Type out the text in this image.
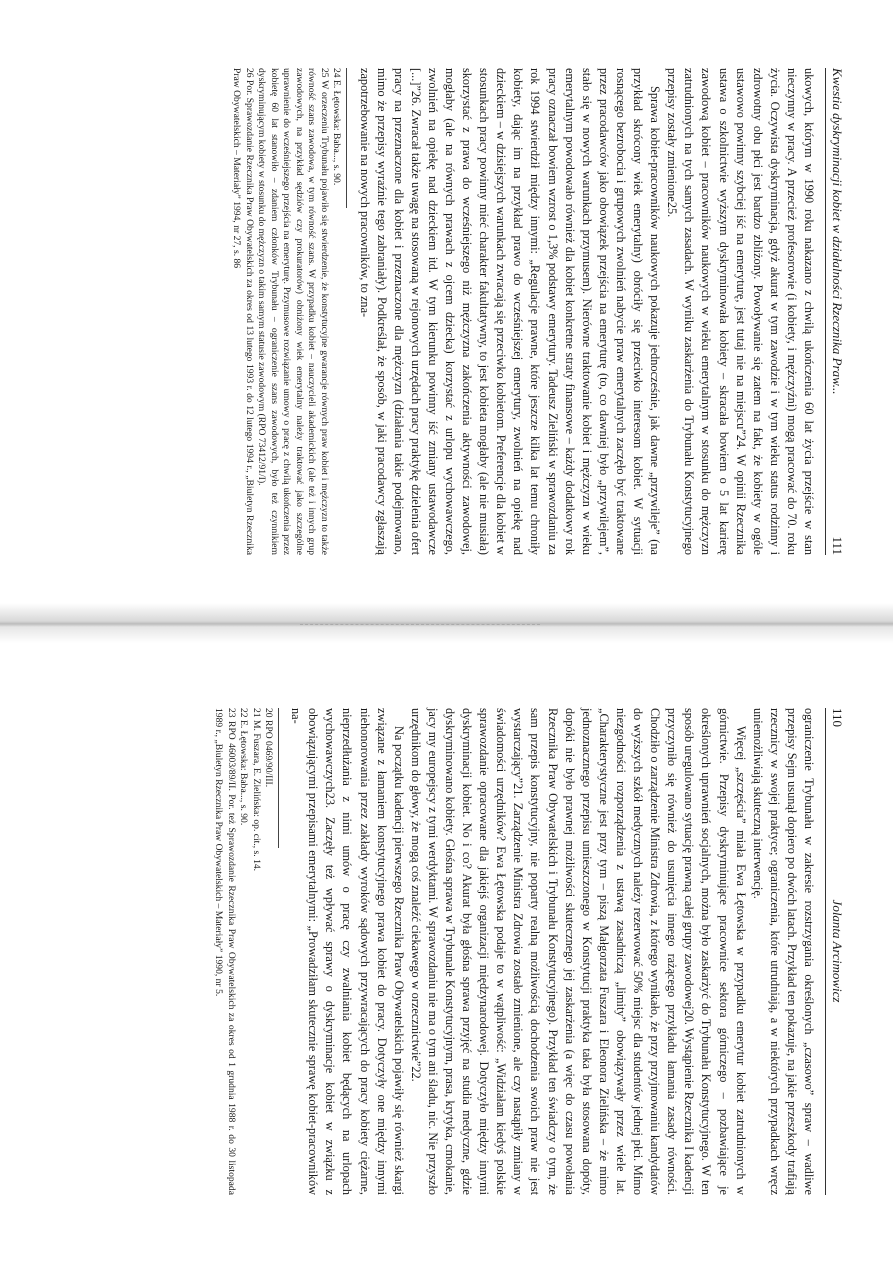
Kwestia dyskryminacji kobiet w działalności Rzecznika Praw...
111

ukowych, którym w 1990 roku nakazano z chwilą ukończenia 60 lat życia przejście w stan nieczynny w pracy. A przecież profesorowie (i kobiety, i mężczyźni) mogą pracować do 70. roku życia. Oczywista dyskryminacja, gdyż akurat w tym zawodzie i w tym wieku status rodzinny i zdrowotny obu płci jest bardzo zbliżony. Powoływanie się zatem na fakt, że kobiety w ogóle ustawowo powinny szybciej iść na emeryturę, jest tutaj nie na miejscu”24. W opinii Rzecznika ustawa o szkolnictwie wyższym dyskryminowała kobiety – skracała bowiem o 5 lat karierę zawodową kobiet – pracowników naukowych w wieku emerytalnym w stosunku do mężczyzn zatrudnionych na tych samych zasadach. W wyniku zaskarżenia do Trybunału Konstytucyjnego przepisy zostały zmienione25.

Sprawa kobiet-pracowników naukowych pokazuje jednocześnie, jak dawne „przywileje” (na przykład skrócony wiek emerytalny) obróciły się przeciwko interesom kobiet. W sytuacji rosnącego bezrobocia i grupowych zwolnień nabycie praw emerytalnych zaczęło być traktowane przez pracodawców jako obowiązek przejścia na emeryturę (to, co dawniej było „przywilejem”, stało się w nowych warunkach przymusem). Nierówne traktowanie kobiet i mężczyzn w wieku emerytalnym powodowało również dla kobiet konkretne straty finansowe – każdy dodatkowy rok pracy oznaczał bowiem wzrost o 1,3% podstawy emerytury. Tadeusz Zieliński w sprawozdaniu za rok 1994 stwierdził między innymi: „Regulacje prawne, które jeszcze kilka lat temu chroniły kobiety, dając im na przykład prawo do wcześniejszej emerytury, zwolnień na opiekę nad dzieckiem – w dzisiejszych warunkach zwracają się przeciwko kobietom. Preferencje dla kobiet w stosunkach pracy powinny mieć charakter fakultatywny, to jest kobieta mogłaby (ale nie musiała) skorzystać z prawa do wcześniejszego niż mężczyzna zakończenia aktywności zawodowej, mogłaby (ale na równych prawach z ojcem dziecka) korzystać z urlopu wychowawczego, zwolnień na opiekę nad dzieckiem itd. W tym kierunku powinny iść zmiany ustawodawcze [...]”26. Zwracał także uwagę na stosowaną w rejonowych urzędach pracy praktykę dzielenia ofert pracy na przeznaczone dla kobiet i przeznaczone dla mężczyzn (działania takie podejmowano, mimo że przepisy wyraźnie tego zabraniały). Podkreślał, że sposób, w jaki pracodawcy zgłaszają zapotrzebowanie na nowych pracowników, to zna-

24 E. Łętowska: Baba..., s. 90.

25 W orzeczeniu Trybunału pojawiło się stwierdzenie, że konstytucyjne gwarancje równych praw kobiet i mężczyzn to także równość szans zawodowa, w tym równość szans. W przypadku kobiet – nauczycieli akademickich (ale też i innych grup zawodowych, na przykład sędziów czy prokuratorów) obniżony wiek emerytalny należy traktować jako szczególne uprawnienie do wcześniejszego przejścia na emeryturę. Przymusowe rozwiązanie umowy o pracę z chwilą ukończenia przez kobietę 60 lat stanowiło – zdaniem członków Trybunału – ograniczenie szans zawodowych, było też czynnikiem dyskryminującym kobiety w stosunku do mężczyzn o takim samym statusie zawodowym (RPO 73412/91/I).

26 Por. Sprawozdanie Rzecznika Praw Obywatelskich za okres od 13 lutego 1993 r. do 12 lutego 1994 r., „Biuletyn Rzecznika Praw Obywatelskich – Materiały” 1994, nr 27, s. 86

110
Jolanta Arcimowicz

ograniczenie Trybunału w zakresie rozstrzygania określonych „czasowo” spraw – wadliwe przepisy Sejm usunął dopiero po dwóch latach. Przykład ten pokazuje, na jakie przeszkody trafiają rzecznicy w swojej praktyce; ograniczenia, które utrudniają, a w niektórych przypadkach wręcz uniemożliwiają skuteczną interwencję.

Więcej „szczęścia” miała Ewa Łętowska w przypadku emerytur kobiet zatrudnionych w górnictwie. Przepisy dyskryminujące pracownice sektora górniczego – pozbawiające je określonych uprawnień socjalnych, można było zaskarżyć do Trybunału Konstytucyjnego. W ten sposób uregulowano sytuację prawną całej grupy zawodowej20. Wystąpienie Rzecznika I kadencji przyczyniło się również do usunięcia innego rażącego przykładu łamania zasady równości. Chodziło o zarządzenie Ministra Zdrowia, z którego wynikało, że przy przyjmowaniu kandydatów do wyższych szkół medycznych należy rezerwować 50% miejsc dla studentów jednej płci. Mimo niezgodności rozporządzenia z ustawą zasadniczą „limity” obowiązywały przez wiele lat. „Charakterystyczne jest przy tym – piszą Małgorzata Fuszara i Eleonora Zielińska – że mimo jednoznacznego przepisu umieszczonego w Konstytucji praktyka taka była stosowana dopóty, dopóki nie było prawnej możliwości skutecznego jej zaskarżenia (a więc do czasu powołania Rzecznika Praw Obywatelskich i Trybunału Konstytucyjnego). Przykład ten świadczy o tym, że sam przepis konstytucyjny, nie poparty realną możliwością dochodzenia swoich praw nie jest wystarczający”21. Zarządzenie Ministra Zdrowia zostało zmienione, ale czy nastąpiły zmiany w świadomości urzędników? Ewa Łętowska podaje to w wątpliwość: „Widziałam kiedyś polskie sprawozdanie opracowane dla jakiejś organizacji międzynarodowej. Dotyczyło między innymi dyskryminacji kobiet. No i co? Akurat była głośna sprawa przyjęć na studia medyczne, gdzie dyskryminowano kobiety. Głośna sprawa w Trybunale Konstytucyjnym, prasa, krytyka, cmokanie, jacy my europejscy z tymi werdyktami. W sprawozdaniu nie ma o tym ani śladu, nic. Nie przyszło urzędnikom do głowy, że mogą coś znaleźć ciekawego w orzecznictwie”22.

Na początku kadencji pierwszego Rzecznika Praw Obywatelskich pojawiły się również skargi związane z łamaniem konstytucyjnego prawa kobiet do pracy. Dotyczyły one między innymi niehonorowania przez zakłady wyroków sądowych przywracających do pracy kobiety ciężarne, nieprzedłużania z nimi umów o pracę czy zwalniania kobiet będących na urlopach wychowawczych23. Zaczęły też wpływać sprawy o dyskryminacje kobiet w związku z obowiązującymi przepisami emerytalnymi: „Prowadziłam skutecznie sprawę kobiet-pracowników na-

20 RPO 0469/90/III.

21 M. Fuszara, E. Zielińska: op. cit., s. 14.

22 E. Łętowska: Baba..., s. 90.

23 RPO 46003/89/II. Por. też Sprawozdanie Rzecznika Praw Obywatelskich za okres od 1 grudnia 1988 r. do 30 listopada 1989 r., „Biuletyn Rzecznika Praw Obywatelskich – Materiały” 1990, nr 5.
